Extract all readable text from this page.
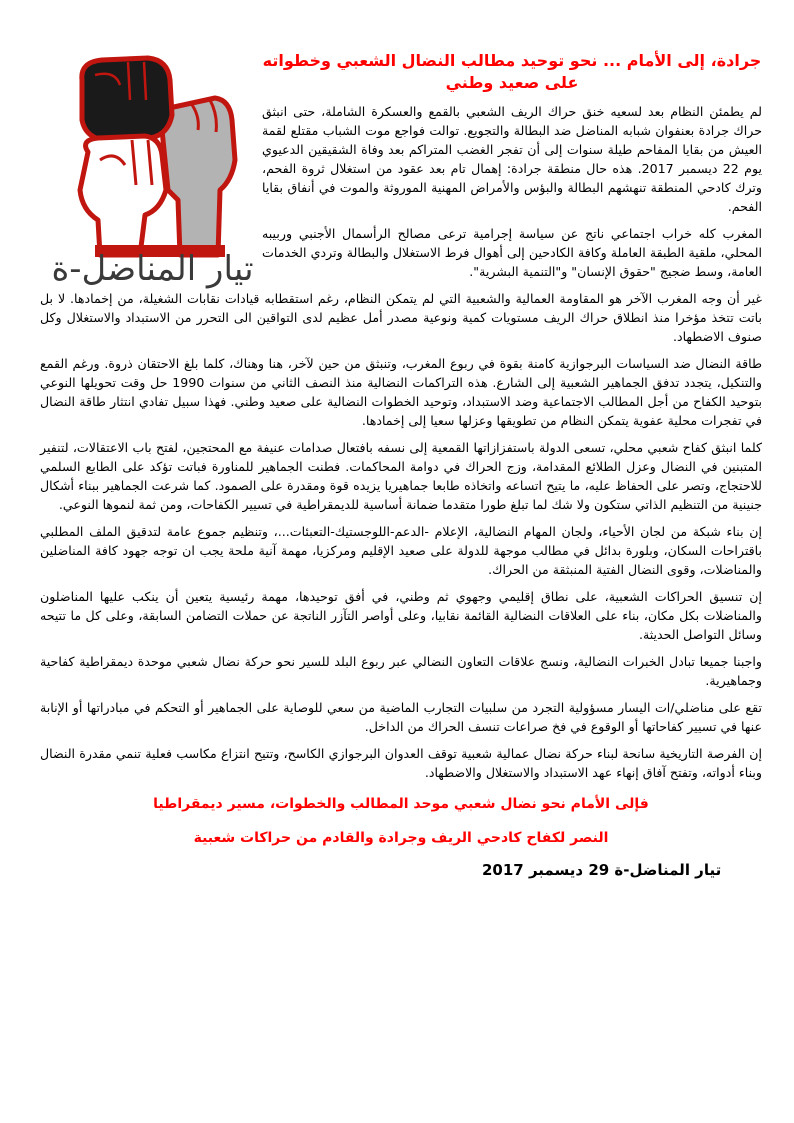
تيار المناضل-ة
جرادة، إلى الأمام ... نحو توحيد مطالب النضال الشعبي وخطواته على صعيد وطني

لم يطمئن النظام بعد لسعيه خنق حراك الريف الشعبي بالقمع والعسكرة الشاملة، حتى انبثق حراك جرادة بعنفوان شبابه المناضل ضد البطالة والتجويع. توالت فواجع موت الشباب مقتلع لقمة العيش من بقايا المفاحم طيلة سنوات إلى أن تفجر الغضب المتراكم بعد وفاة الشقيقين الدعيوي يوم 22 ديسمبر 2017. هذه حال منطقة جرادة: إهمال تام بعد عقود من استغلال ثروة الفحم، وترك كادحي المنطقة تنهشهم البطالة والبؤس والأمراض المهنية الموروثة والموت في أنفاق بقايا الفحم.

المغرب كله خراب اجتماعي ناتج عن سياسة إجرامية ترعى مصالح الرأسمال الأجنبي وربيبه المحلي، ملقية الطبقة العاملة وكافة الكادحين إلى أهوال فرط الاستغلال والبطالة وتردي الخدمات العامة، وسط ضجيج "حقوق الإنسان" و"التنمية البشرية".

غير أن وجه المغرب الآخر هو المقاومة العمالية والشعبية التي لم يتمكن النظام، رغم استقطابه قيادات نقابات الشغيلة، من إخمادها. لا بل باتت تتخذ مؤخرا منذ انطلاق حراك الريف مستويات كمية ونوعية مصدر أمل عظيم لدى التواقين الى التحرر من الاستبداد والاستغلال وكل صنوف الاضطهاد.

طاقة النضال ضد السياسات البرجوازية كامنة بقوة في ربوع المغرب، وتنبثق من حين لآخر، هنا وهناك، كلما بلغ الاحتقان ذروة. ورغم القمع والتنكيل، يتجدد تدفق الجماهير الشعبية إلى الشارع. هذه التراكمات النضالية منذ النصف الثاني من سنوات 1990 حل وقت تحويلها النوعي بتوحيد الكفاح من أجل المطالب الاجتماعية وضد الاستبداد، وتوحيد الخطوات النضالية على صعيد وطني. فهذا سبيل تفادي انتثار طاقة النضال في تفجرات محلية عفوية يتمكن النظام من تطويقها وعزلها سعيا إلى إخمادها.

كلما انبثق كفاح شعبي محلي، تسعى الدولة باستفزازاتها القمعية إلى نسفه بافتعال صدامات عنيفة مع المحتجين، لفتح باب الاعتقالات، لتنفير المتبنين في النضال وعزل الطلائع المقدامة، وزج الحراك في دوامة المحاكمات. فطنت الجماهير للمناورة فباتت تؤكد على الطابع السلمي للاحتجاج، وتصر على الحفاظ عليه، ما يتيح اتساعه واتخاذه طابعا جماهيريا يزيده قوة ومقدرة على الصمود. كما شرعت الجماهير ببناء أشكال جنينية من التنظيم الذاتي ستكون ولا شك لما تبلغ طورا متقدما ضمانة أساسية للديمقراطية في تسيير الكفاحات، ومن ثمة لنموها النوعي.

إن بناء شبكة من لجان الأحياء، ولجان المهام النضالية، الإعلام -الدعم-اللوجستيك-التعبئات...، وتنظيم جموع عامة لتدقيق الملف المطلبي باقتراحات السكان، وبلورة بدائل في مطالب موجهة للدولة على صعيد الإقليم ومركزيا، مهمة آنية ملحة يجب ان توجه جهود كافة المناضلين والمناضلات، وقوى النضال الفتية المنبثقة من الحراك.

إن تنسيق الحراكات الشعبية، على نطاق إقليمي وجهوي ثم وطني، في أفق توحيدها، مهمة رئيسية يتعين أن ينكب عليها المناضلون والمناضلات بكل مكان، بناء على العلاقات النضالية القائمة نقابيا، وعلى أواصر التآزر الناتجة عن حملات التضامن السابقة، وعلى كل ما تتيحه وسائل التواصل الحديثة.

واجبنا جميعا تبادل الخبرات النضالية، ونسج علاقات التعاون النضالي عبر ربوع البلد للسير نحو حركة نضال شعبي موحدة ديمقراطية كفاحية وجماهيرية.

تقع على مناضلي/ات اليسار مسؤولية التجرد من سلبيات التجارب الماضية من سعي للوصاية على الجماهير أو التحكم في مبادراتها أو الإنابة عنها في تسيير كفاحاتها أو الوقوع في فخ صراعات تنسف الحراك من الداخل.

إن الفرصة التاريخية سانحة لبناء حركة نضال عمالية شعبية توقف العدوان البرجوازي الكاسح، وتتيح انتزاع مكاسب فعلية تنمي مقدرة النضال وبناء أدواته، وتفتح آفاق إنهاء عهد الاستبداد والاستغلال والاضطهاد.

فإلى الأمام نحو نضال شعبي موحد المطالب والخطوات، مسير ديمقراطيا

النصر لكفاح كادحي الريف وجرادة والقادم من حراكات شعبية

تيار المناضل-ة 29 ديسمبر 2017
